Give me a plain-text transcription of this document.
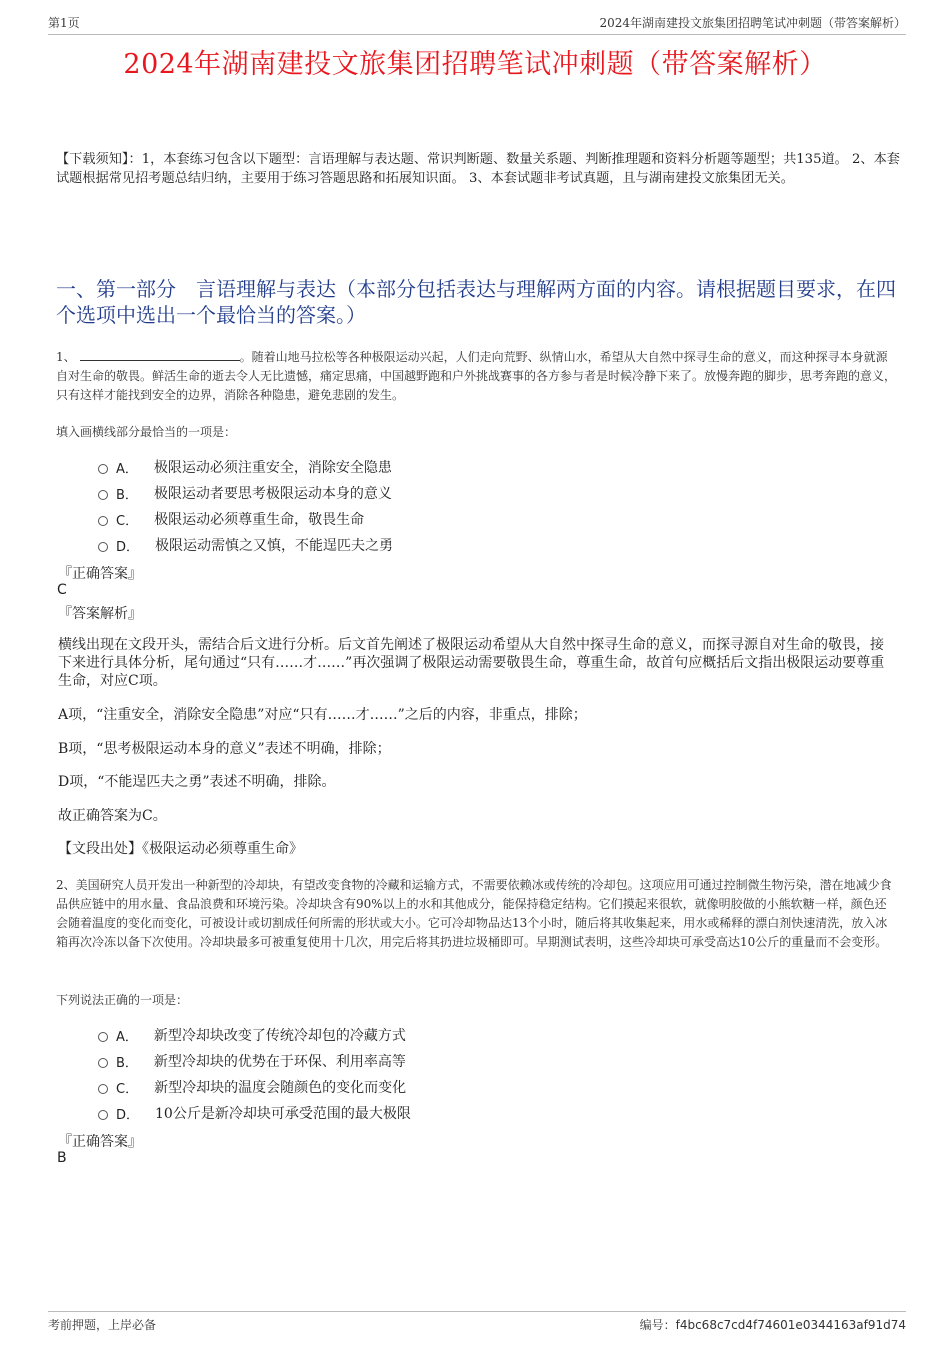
第1页	2024年湖南建投文旅集团招聘笔试冲刺题（带答案解析）
2024年湖南建投文旅集团招聘笔试冲刺题（带答案解析）
【下载须知】：1，本套练习包含以下题型：言语理解与表达题、常识判断题、数量关系题、判断推理题和资料分析题等题型；共135道。 2、本套试题根据常见招考题总结归纳，主要用于练习答题思路和拓展知识面。 3、本套试题非考试真题，且与湖南建投文旅集团无关。
一、第一部分　言语理解与表达（本部分包括表达与理解两方面的内容。请根据题目要求，在四个选项中选出一个最恰当的答案。）
1、	。随着山地马拉松等各种极限运动兴起，人们走向荒野、纵情山水，希望从大自然中探寻生命的意义，而这种探寻本身就源自对生命的敬畏。鲜活生命的逝去令人无比遗憾，痛定思痛，中国越野跑和户外挑战赛事的各方参与者是时候冷静下来了。放慢奔跑的脚步，思考奔跑的意义，只有这样才能找到安全的边界，消除各种隐患，避免悲剧的发生。
填入画横线部分最恰当的一项是：
A． 极限运动必须注重安全，消除安全隐患
B． 极限运动者要思考极限运动本身的意义
C． 极限运动必须尊重生命，敬畏生命
D． 极限运动需慎之又慎，不能逞匹夫之勇
『正确答案』
C
『答案解析』
横线出现在文段开头，需结合后文进行分析。后文首先阐述了极限运动希望从大自然中探寻生命的意义，而探寻源自对生命的敬畏，接下来进行具体分析，尾句通过“只有……才……”再次强调了极限运动需要敬畏生命，尊重生命，故首句应概括后文指出极限运动要尊重生命，对应C项。
A项，“注重安全，消除安全隐患”对应“只有……才……”之后的内容，非重点，排除；
B项，“思考极限运动本身的意义”表述不明确，排除；
D项，“不能逞匹夫之勇”表述不明确，排除。
故正确答案为C。
【文段出处】《极限运动必须尊重生命》
2、美国研究人员开发出一种新型的冷却块，有望改变食物的冷藏和运输方式，不需要依赖冰或传统的冷却包。这项应用可通过控制微生物污染，潜在地减少食品供应链中的用水量、食品浪费和环境污染。冷却块含有90%以上的水和其他成分，能保持稳定结构。它们摸起来很软，就像明胶做的小熊软糖一样，颜色还会随着温度的变化而变化，可被设计或切割成任何所需的形状或大小。它可冷却物品达13个小时，随后将其收集起来，用水或稀释的漂白剂快速清洗，放入冰箱再次冷冻以备下次使用。冷却块最多可被重复使用十几次，用完后将其扔进垃圾桶即可。早期测试表明，这些冷却块可承受高达10公斤的重量而不会变形。
下列说法正确的一项是：
A． 新型冷却块改变了传统冷却包的冷藏方式
B． 新型冷却块的优势在于环保、利用率高等
C． 新型冷却块的温度会随颜色的变化而变化
D． 10公斤是新冷却块可承受范围的最大极限
『正确答案』
B
考前押题，上岸必备	编号：f4bc68c7cd4f74601e0344163af91d74
